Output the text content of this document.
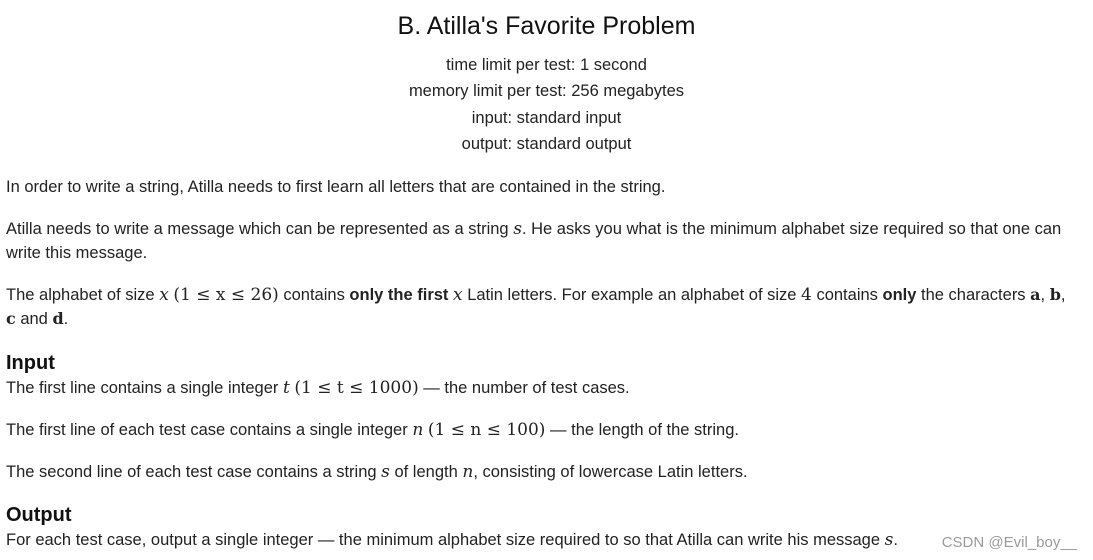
B. Atilla's Favorite Problem
time limit per test: 1 second
memory limit per test: 256 megabytes
input: standard input
output: standard output
In order to write a string, Atilla needs to first learn all letters that are contained in the string.
Atilla needs to write a message which can be represented as a string s. He asks you what is the minimum alphabet size required so that one can write this message.
The alphabet of size x (1 ≤ x ≤ 26) contains only the first x Latin letters. For example an alphabet of size 4 contains only the characters a, b, c and d.
Input
The first line contains a single integer t (1 ≤ t ≤ 1000) — the number of test cases.
The first line of each test case contains a single integer n (1 ≤ n ≤ 100) — the length of the string.
The second line of each test case contains a string s of length n, consisting of lowercase Latin letters.
Output
For each test case, output a single integer — the minimum alphabet size required to so that Atilla can write his message s.	CSDN @Evil_boy__
